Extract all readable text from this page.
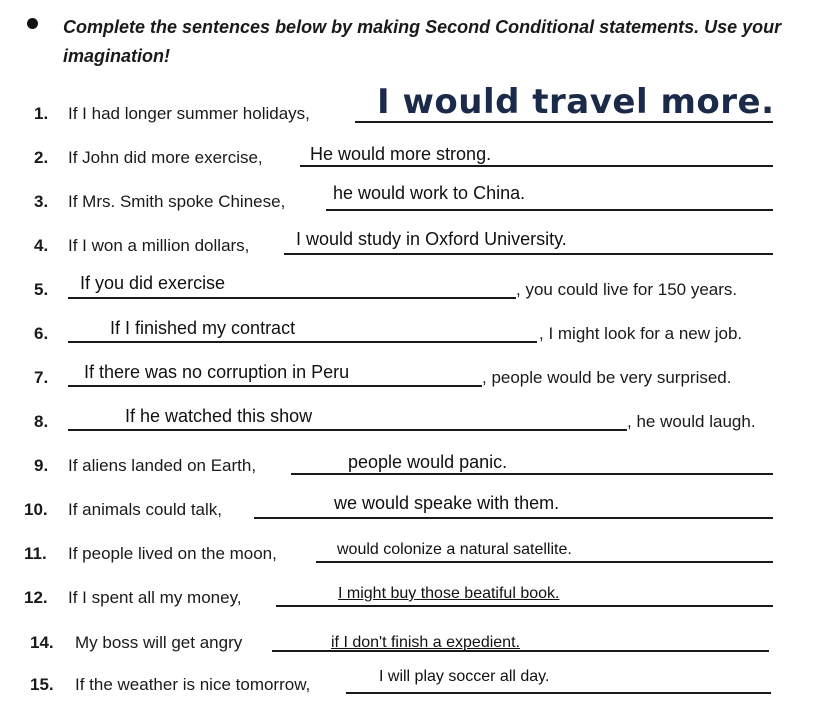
Complete the sentences below by making Second Conditional statements. Use your imagination!
1. If I had longer summer holidays, I would travel more.
2. If John did more exercise,	He would more strong.
3. If Mrs. Smith spoke Chinese,	he would work to China.
4. If I won a million dollars,	I would study in Oxford University.
5. If you did exercise	, you could live for 150 years.
6.	If I finished my contract	, I might look for a new job.
7. If there was no corruption in Peru	, people would be very surprised.
8.	If he watched this show	, he would laugh.
9. If aliens landed on Earth,	people would panic.
10. If animals could talk,	we would speake with them.
11. If people lived on the moon,	would colonize a natural satellite.
12. If I spent all my money,	I might buy those beatiful book.
14. My boss will get angry	if I don't finish a expedient.
15. If the weather is nice tomorrow,	I will play soccer all day.
